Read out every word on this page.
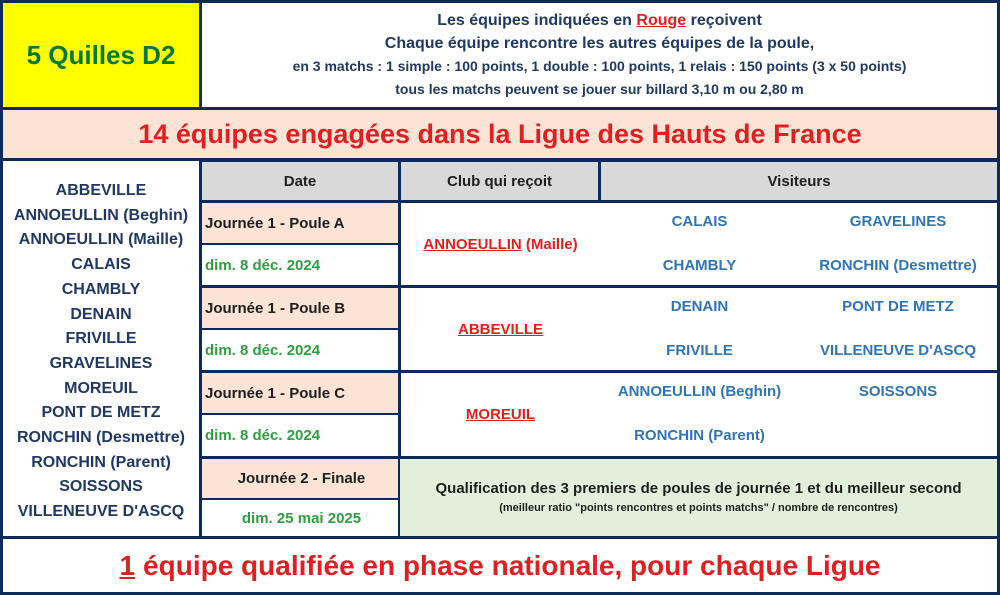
5 Quilles D2
Les équipes indiquées en Rouge reçoivent
Chaque équipe rencontre les autres équipes de la poule,
en 3 matchs : 1 simple : 100 points, 1 double : 100 points, 1 relais : 150 points (3 x 50 points)
tous les matchs peuvent se jouer sur billard 3,10 m ou 2,80 m
14 équipes engagées dans la Ligue des Hauts de France
ABBEVILLE
ANNOEULLIN (Beghin)
ANNOEULLIN (Maille)
CALAIS
CHAMBLY
DENAIN
FRIVILLE
GRAVELINES
MOREUIL
PONT DE METZ
RONCHIN (Desmettre)
RONCHIN (Parent)
SOISSONS
VILLENEUVE D'ASCQ
Date	Club qui reçoit	Visiteurs
Journée 1 - Poule A
dim. 8 déc. 2024
ANNOEULLIN (Maille)
CALAIS	GRAVELINES
CHAMBLY	RONCHIN (Desmettre)
Journée 1 - Poule B
dim. 8 déc. 2024
ABBEVILLE
DENAIN	PONT DE METZ
FRIVILLE	VILLENEUVE D'ASCQ
Journée 1 - Poule C
dim. 8 déc. 2024
MOREUIL
ANNOEULLIN (Beghin)	SOISSONS
RONCHIN (Parent)
Journée 2 - Finale
dim. 25 mai 2025
Qualification des 3 premiers de poules de journée 1 et du meilleur second
(meilleur ratio "points rencontres et points matchs" / nombre de rencontres)
1 équipe qualifiée en phase nationale, pour chaque Ligue
